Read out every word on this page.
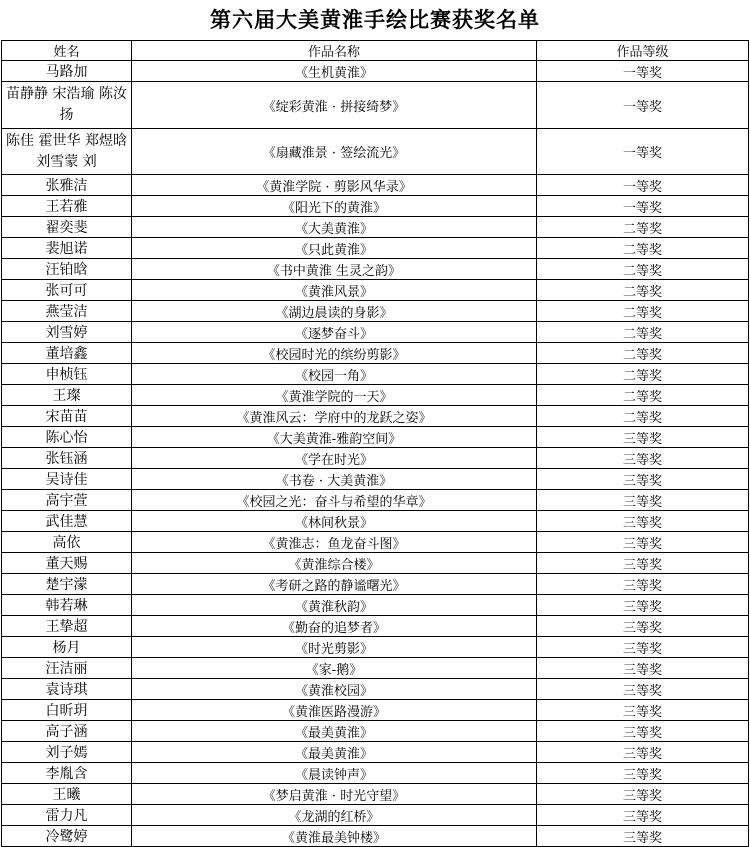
第六届大美黄淮手绘比赛获奖名单
姓名	作品名称	作品等级
马路加	《生机黄淮》	一等奖
苗静静 宋浩瑜 陈汝扬	《绽彩黄淮 · 拼接绮梦》	一等奖
陈佳 霍世华 郑煜晗 刘雪蒙 刘	《扇藏淮景 · 签绘流光》	一等奖
张雅洁	《黄淮学院 · 剪影风华录》	一等奖
王若雅	《阳光下的黄淮》	一等奖
翟奕斐	《大美黄淮》	二等奖
裴旭诺	《只此黄淮》	二等奖
汪铂晗	《书中黄淮 生灵之韵》	二等奖
张可可	《黄淮风景》	二等奖
燕莹洁	《湖边晨读的身影》	二等奖
刘雪婷	《逐梦奋斗》	二等奖
董培鑫	《校园时光的缤纷剪影》	二等奖
申桢钰	《校园一角》	二等奖
王璨	《黄淮学院的一天》	二等奖
宋苗苗	《黄淮风云：学府中的龙跃之姿》	二等奖
陈心怡	《大美黄淮-雅韵空间》	三等奖
张钰涵	《学在时光》	三等奖
吴诗佳	《书卷 · 大美黄淮》	三等奖
高宇萱	《校园之光：奋斗与希望的华章》	三等奖
武佳慧	《林间秋景》	三等奖
高依	《黄淮志：鱼龙奋斗图》	三等奖
董天赐	《黄淮综合楼》	三等奖
楚宇濛	《考研之路的静谧曙光》	三等奖
韩若琳	《黄淮秋韵》	三等奖
王挚超	《勤奋的追梦者》	三等奖
杨月	《时光剪影》	三等奖
汪洁丽	《家-鹅》	三等奖
袁诗琪	《黄淮校园》	三等奖
白昕玥	《黄淮医路漫游》	三等奖
高子涵	《最美黄淮》	三等奖
刘子嫣	《最美黄淮》	三等奖
李胤含	《晨读钟声》	三等奖
王曦	《梦启黄淮 · 时光守望》	三等奖
雷力凡	《龙湖的红桥》	三等奖
冷鹭婷	《黄淮最美钟楼》	三等奖
